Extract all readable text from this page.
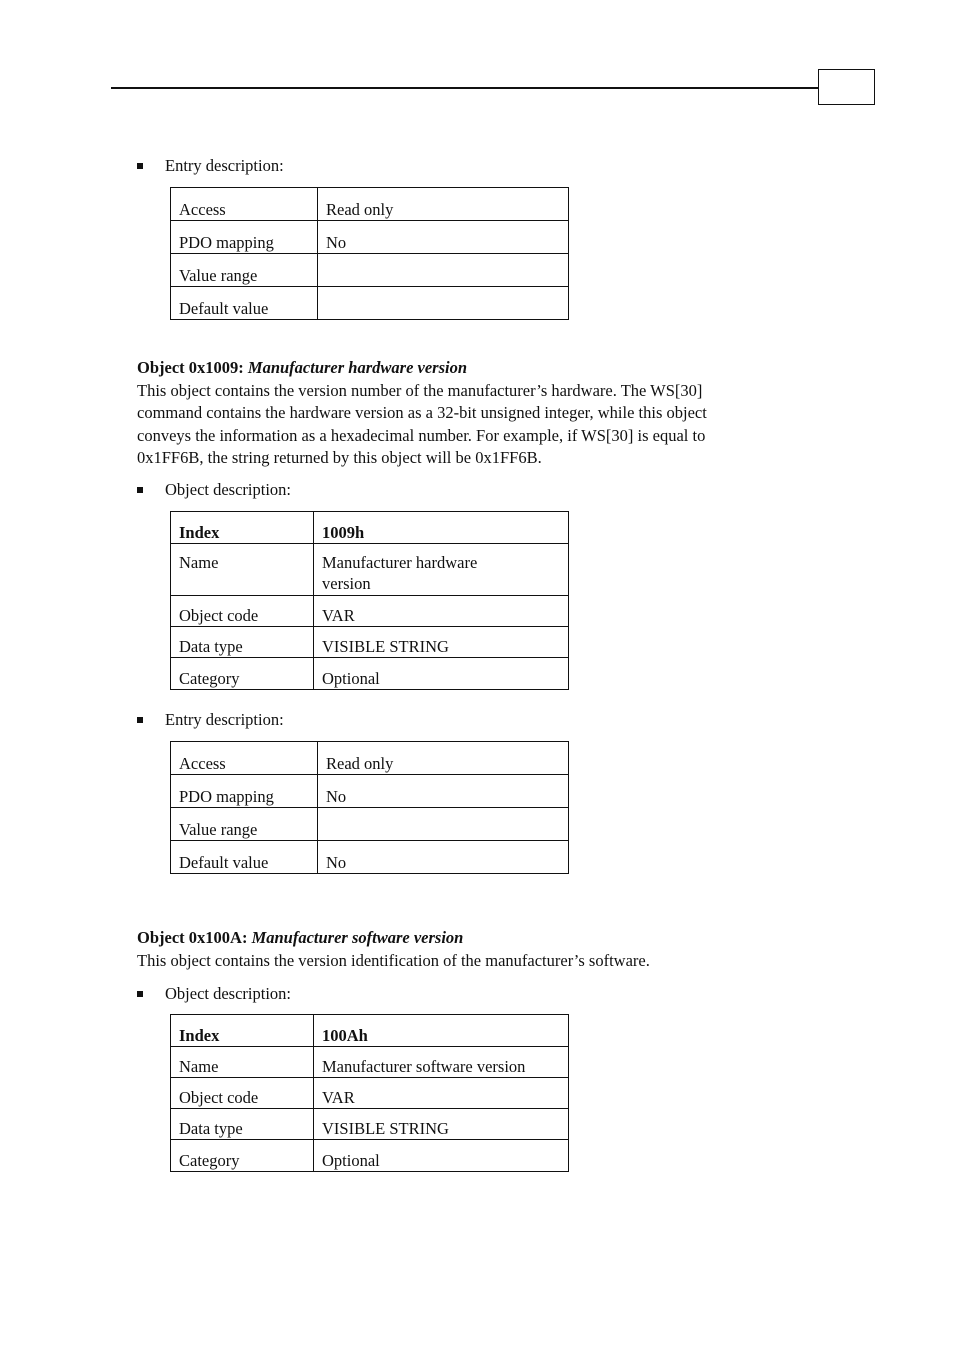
Entry description:
Access	Read only
PDO mapping	No
Value range	
Default value	
Object 0x1009: Manufacturer hardware version
This object contains the version number of the manufacturer’s hardware. The WS[30]
command contains the hardware version as a 32-bit unsigned integer, while this object
conveys the information as a hexadecimal number. For example, if WS[30] is equal to
0x1FF6B, the string returned by this object will be 0x1FF6B.
Object description:
Index	1009h
Name	Manufacturer hardware version
Object code	VAR
Data type	VISIBLE STRING
Category	Optional
Entry description:
Access	Read only
PDO mapping	No
Value range	
Default value	No
Object 0x100A: Manufacturer software version
This object contains the version identification of the manufacturer’s software.
Object description:
Index	100Ah
Name	Manufacturer software version
Object code	VAR
Data type	VISIBLE STRING
Category	Optional
